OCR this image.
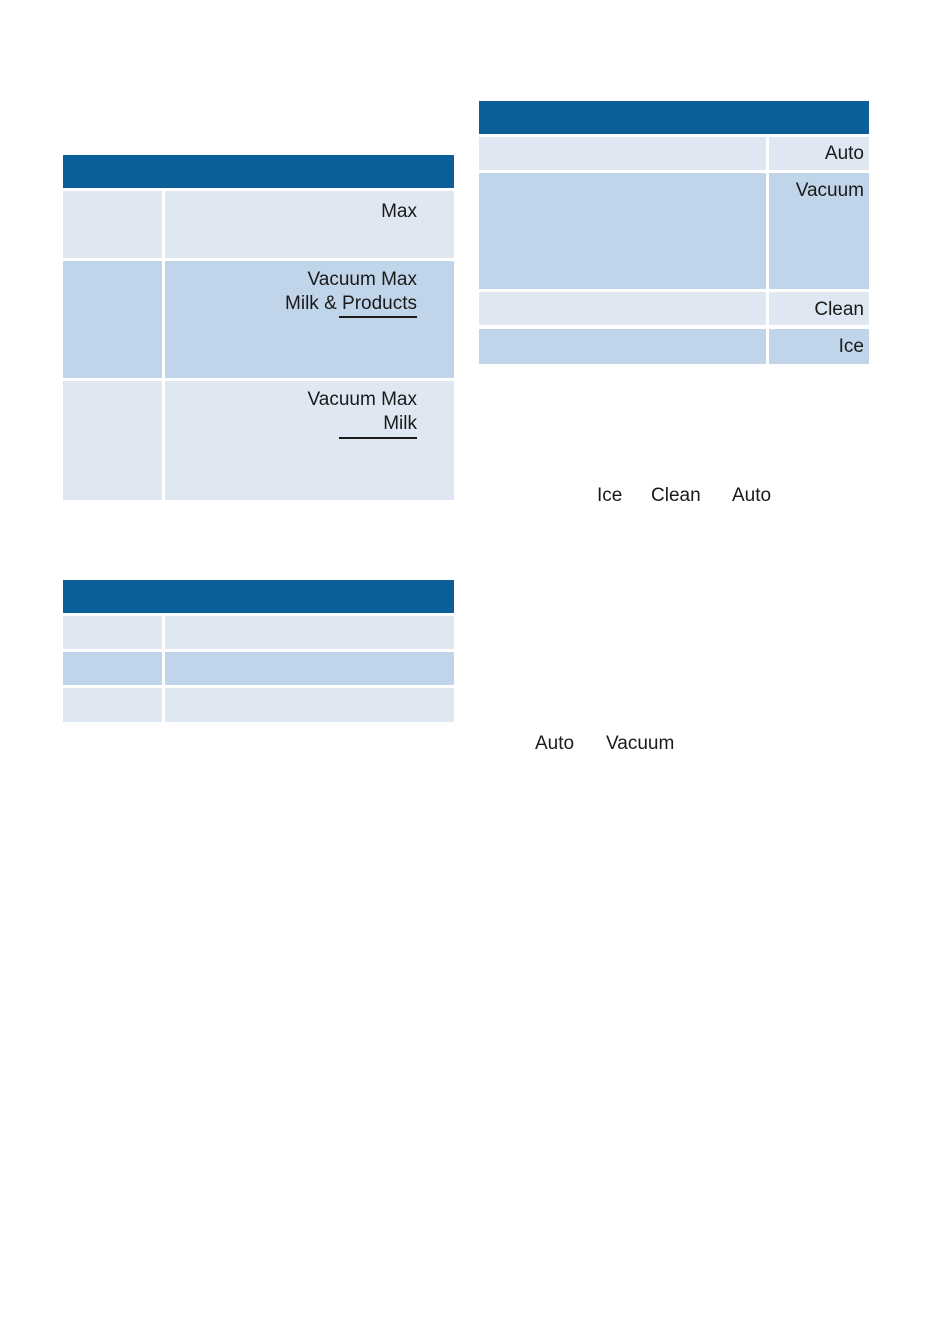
Max
Vacuum Max
Milk & Products
Vacuum Max
Milk
Auto
Vacuum
Clean
Ice
Ice Clean Auto
Auto Vacuum
